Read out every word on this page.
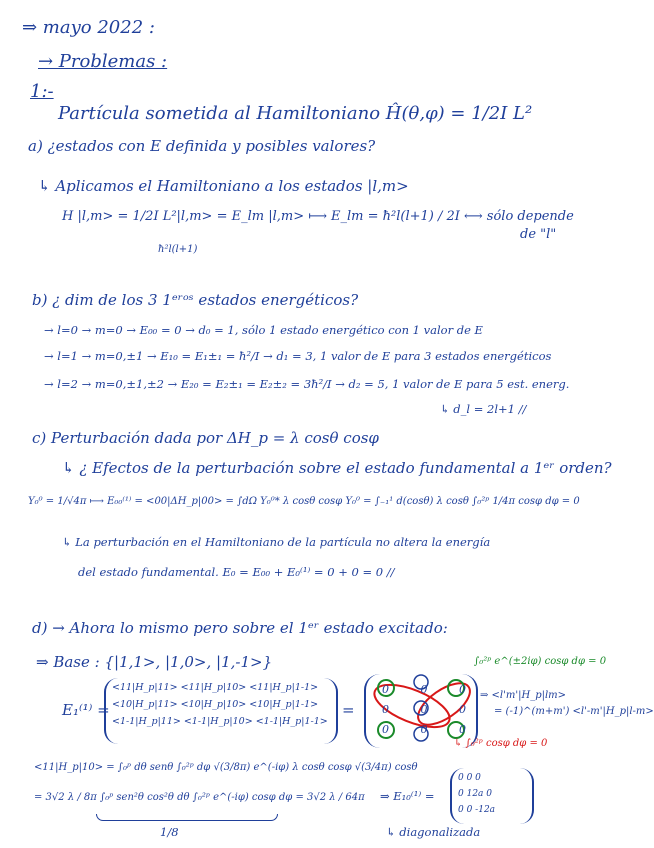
⇒ mayo 2022 :
→ Problemas :
1:-
Partícula sometida al Hamiltoniano Ĥ(θ,φ) = 1/2I L²
a) ¿estados con E definida y posibles valores?
↳ Aplicamos el Hamiltoniano a los estados |l,m>
H |l,m> = 1/2I L²|l,m> = E_lm |l,m> ⟼ E_lm = ħ²l(l+1) / 2I ⟷ sólo depende
ħ²l(l+1)
de "l"
b) ¿ dim de los 3 1ᵉʳᵒˢ estados energéticos?
→ l=0 → m=0 → E₀₀ = 0 → d₀ = 1, sólo 1 estado energético con 1 valor de E
→ l=1 → m=0,±1 → E₁₀ = E₁±₁ = ħ²/I → d₁ = 3, 1 valor de E para 3 estados energéticos
→ l=2 → m=0,±1,±2 → E₂₀ = E₂±₁ = E₂±₂ = 3ħ²/I → d₂ = 5, 1 valor de E para 5 est. energ.
↳ d_l = 2l+1 //
c) Perturbación dada por ΔH_p = λ cosθ cosφ
↳ ¿ Efectos de la perturbación sobre el estado fundamental a 1ᵉʳ orden?
Y₀⁰ = 1/√4π ⟼ E₀₀⁽¹⁾ = <00|ΔH_p|00> = ∫dΩ Y₀⁰* λ cosθ cosφ Y₀⁰ = ∫₋₁¹ d(cosθ) λ cosθ ∫₀²ᵖ 1/4π cosφ dφ = 0
↳ La perturbación en el Hamiltoniano de la partícula no altera la energía
del estado fundamental. E₀ = E₀₀ + E₀⁽¹⁾ = 0 + 0 = 0 //
d) → Ahora lo mismo pero sobre el 1ᵉʳ estado excitado:
⇒ Base : {|1,1>, |1,0>, |1,-1>}	∫₀²ᵖ e^(±2iφ) cosφ dφ = 0
E₁⁽¹⁾ =
<11|H_p|11> <11|H_p|10> <11|H_p|1-1>
<10|H_p|11> <10|H_p|10> <10|H_p|1-1>
<1-1|H_p|11> <1-1|H_p|10> <1-1|H_p|1-1>
=
0 0 0
0 0 0
0 0 0
⇒ <l'm'|H_p|lm>
= (-1)^(m+m') <l'-m'|H_p|l-m>
↳ ∫₀²ᵖ cosφ dφ = 0
<11|H_p|10> = ∫₀ᵖ dθ senθ ∫₀²ᵖ dφ √(3/8π) e^(-iφ) λ cosθ cosφ √(3/4π) cosθ
= 3√2 λ / 8π ∫₀ᵖ sen²θ cos²θ dθ ∫₀²ᵖ e^(-iφ) cosφ dφ = 3√2 λ / 64π
1/8
⇒ E₁₀⁽¹⁾ =
0 0 0
0 12a 0
0 0 -12a
↳ diagonalizada
